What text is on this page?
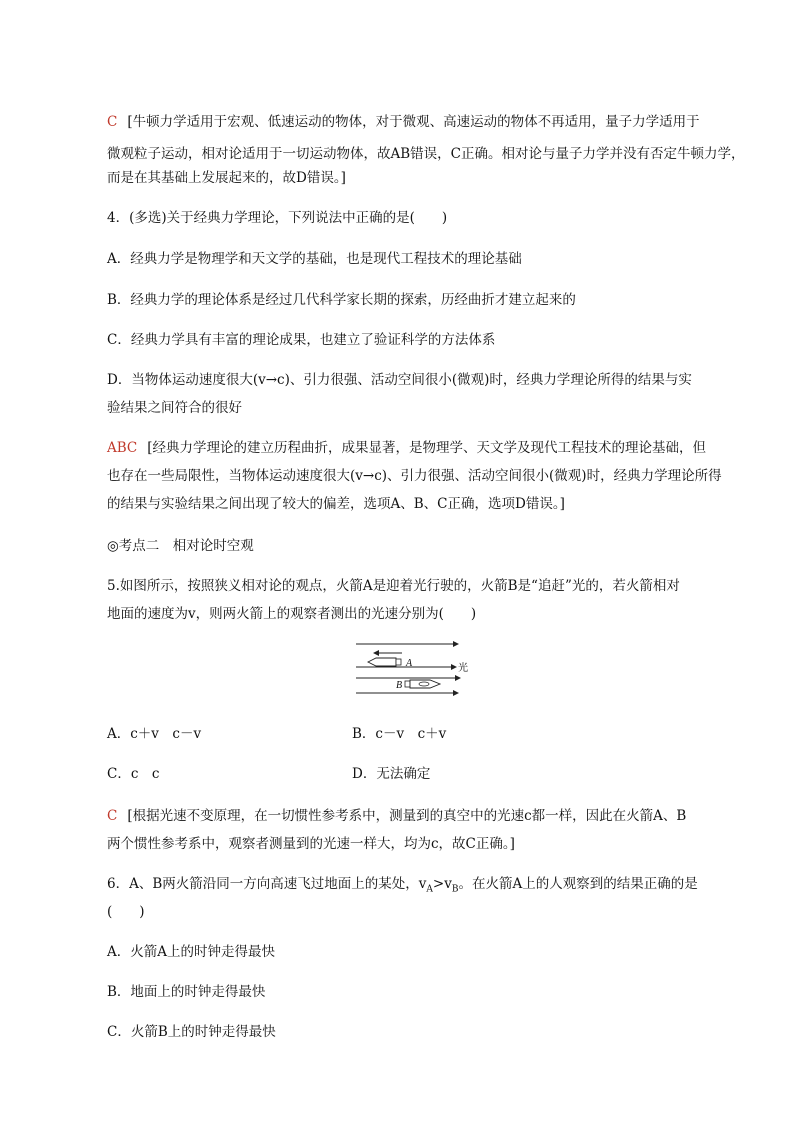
C [牛顿力学适用于宏观、低速运动的物体，对于微观、高速运动的物体不再适用，量子力学适用于
微观粒子运动，相对论适用于一切运动物体，故AB错误，C正确。相对论与量子力学并没有否定牛顿力学，
而是在其基础上发展起来的，故D错误。]
4．(多选)关于经典力学理论，下列说法中正确的是(　　)
A．经典力学是物理学和天文学的基础，也是现代工程技术的理论基础
B．经典力学的理论体系是经过几代科学家长期的探索，历经曲折才建立起来的
C．经典力学具有丰富的理论成果，也建立了验证科学的方法体系
D．当物体运动速度很大(v→c)、引力很强、活动空间很小(微观)时，经典力学理论所得的结果与实
验结果之间符合的很好
ABC [经典力学理论的建立历程曲折，成果显著，是物理学、天文学及现代工程技术的理论基础，但
也存在一些局限性，当物体运动速度很大(v→c)、引力很强、活动空间很小(微观)时，经典力学理论所得
的结果与实验结果之间出现了较大的偏差，选项A、B、C正确，选项D错误。]
◎考点二　相对论时空观
5.如图所示，按照狭义相对论的观点，火箭A是迎着光行驶的，火箭B是“追赶”光的，若火箭相对
地面的速度为v，则两火箭上的观察者测出的光速分别为(　　)
A	光
B
A．c＋v　c－v	B．c－v　c＋v
C．c　c	D．无法确定
C [根据光速不变原理，在一切惯性参考系中，测量到的真空中的光速c都一样，因此在火箭A、B
两个惯性参考系中，观察者测量到的光速一样大，均为c，故C正确。]
6．A、B两火箭沿同一方向高速飞过地面上的某处，$v_A>v_B$。在火箭A上的人观察到的结果正确的是
(　　)
A．火箭A上的时钟走得最快
B．地面上的时钟走得最快
C．火箭B上的时钟走得最快
